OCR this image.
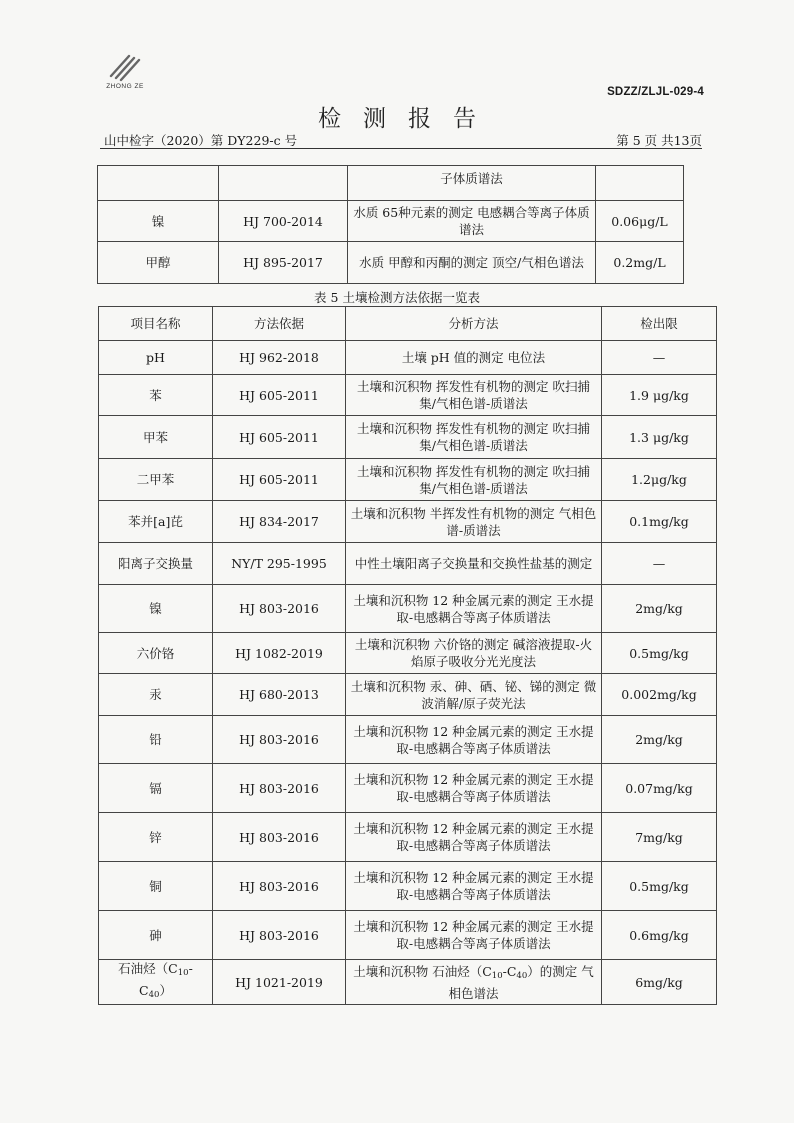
ZHONG ZE	SDZZ/ZLJL-029-4
检测报告
山中检字（2020）第 DY229-c 号	第 5 页 共13页
		子体质谱法	
镍	HJ 700-2014	水质 65种元素的测定 电感耦合等离子体质谱法	0.06μg/L
甲醇	HJ 895-2017	水质 甲醇和丙酮的测定 顶空/气相色谱法	0.2mg/L
表 5 土壤检测方法依据一览表
项目名称	方法依据	分析方法	检出限
pH	HJ 962-2018	土壤 pH 值的测定 电位法	—
苯	HJ 605-2011	土壤和沉积物 挥发性有机物的测定 吹扫捕集/气相色谱-质谱法	1.9 μg/kg
甲苯	HJ 605-2011	土壤和沉积物 挥发性有机物的测定 吹扫捕集/气相色谱-质谱法	1.3 μg/kg
二甲苯	HJ 605-2011	土壤和沉积物 挥发性有机物的测定 吹扫捕集/气相色谱-质谱法	1.2μg/kg
苯并[a]芘	HJ 834-2017	土壤和沉积物 半挥发性有机物的测定 气相色谱-质谱法	0.1mg/kg
阳离子交换量	NY/T 295-1995	中性土壤阳离子交换量和交换性盐基的测定	—
镍	HJ 803-2016	土壤和沉积物 12 种金属元素的测定 王水提取-电感耦合等离子体质谱法	2mg/kg
六价铬	HJ 1082-2019	土壤和沉积物 六价铬的测定 碱溶液提取-火焰原子吸收分光光度法	0.5mg/kg
汞	HJ 680-2013	土壤和沉积物 汞、砷、硒、铋、锑的测定 微波消解/原子荧光法	0.002mg/kg
铅	HJ 803-2016	土壤和沉积物 12 种金属元素的测定 王水提取-电感耦合等离子体质谱法	2mg/kg
镉	HJ 803-2016	土壤和沉积物 12 种金属元素的测定 王水提取-电感耦合等离子体质谱法	0.07mg/kg
锌	HJ 803-2016	土壤和沉积物 12 种金属元素的测定 王水提取-电感耦合等离子体质谱法	7mg/kg
铜	HJ 803-2016	土壤和沉积物 12 种金属元素的测定 王水提取-电感耦合等离子体质谱法	0.5mg/kg
砷	HJ 803-2016	土壤和沉积物 12 种金属元素的测定 王水提取-电感耦合等离子体质谱法	0.6mg/kg
石油烃$(C_{10}-C_{40})$	HJ 1021-2019	土壤和沉积物 石油烃$(C_{10}-C_{40})$的测定 气相色谱法	6mg/kg
